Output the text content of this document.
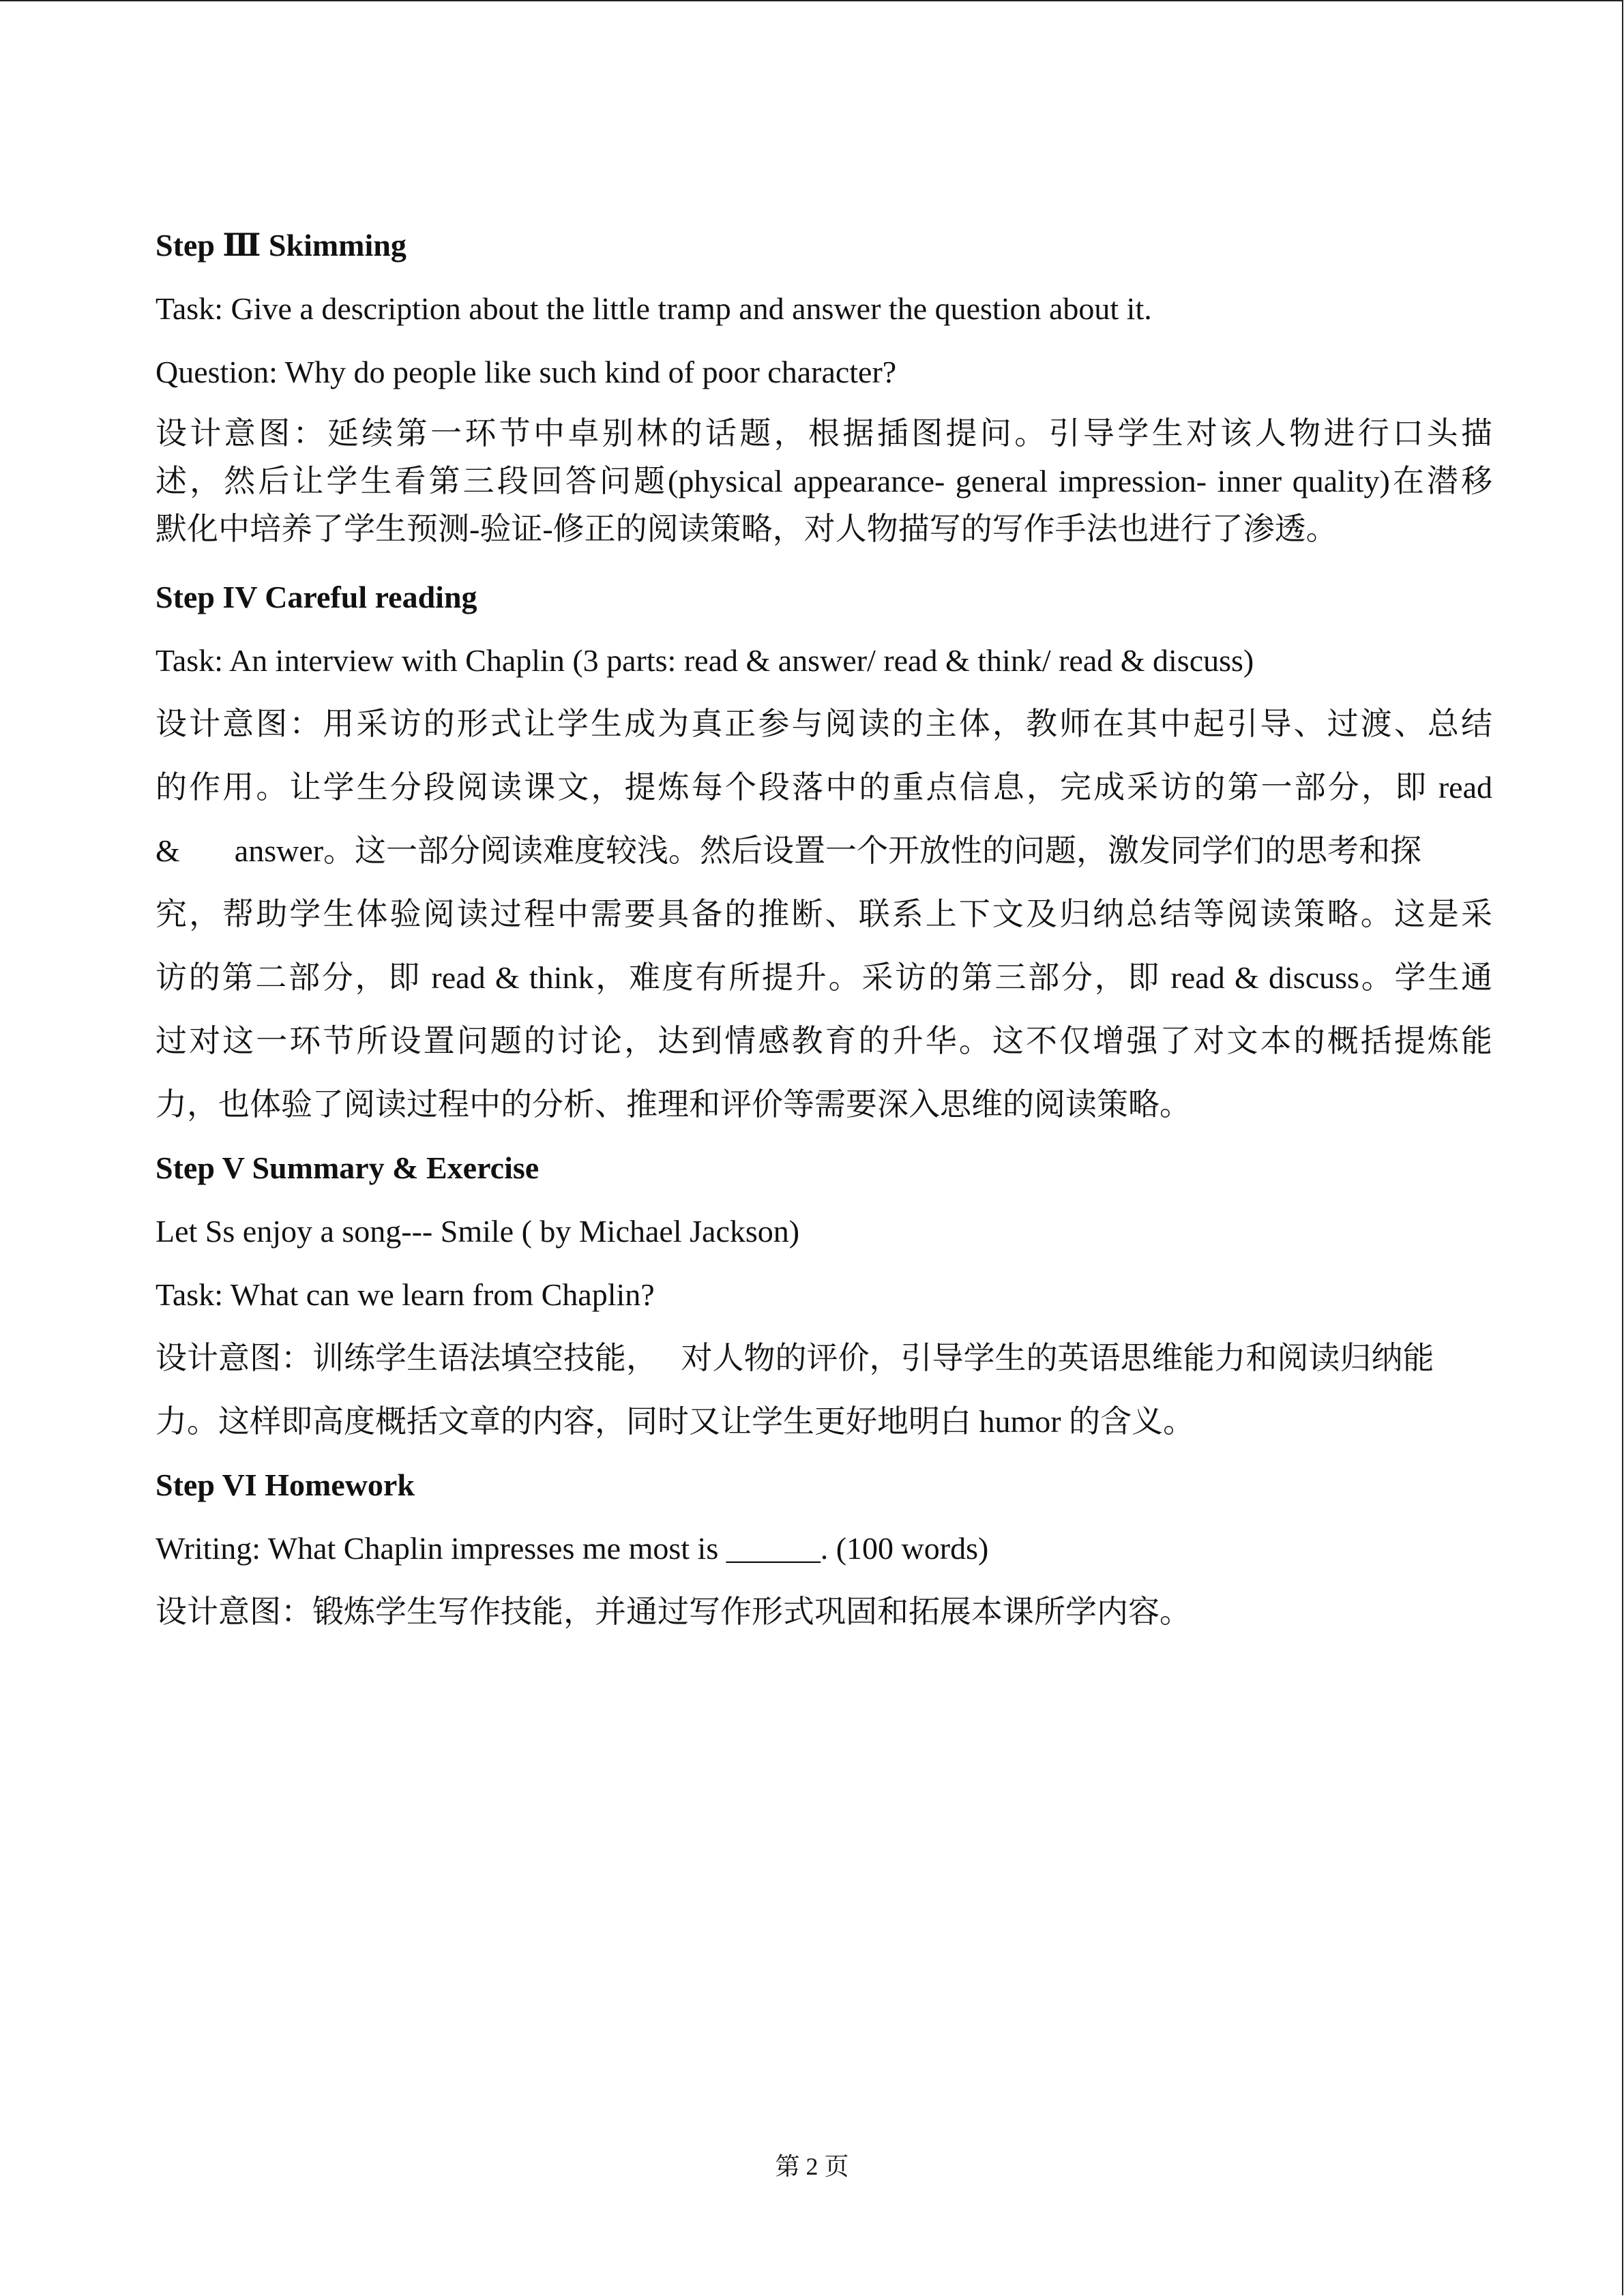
Step Ⅲ Skimming
Task: Give a description about the little tramp and answer the question about it.
Question: Why do people like such kind of poor character?
设计意图：延续第一环节中卓别林的话题，根据插图提问。引导学生对该人物进行口头描
述，然后让学生看第三段回答问题(physical appearance- general impression- inner quality)在潜移
默化中培养了学生预测-验证-修正的阅读策略，对人物描写的写作手法也进行了渗透。
Step IV Careful reading
Task: An interview with Chaplin (3 parts: read & answer/ read & think/ read & discuss)
设计意图：用采访的形式让学生成为真正参与阅读的主体，教师在其中起引导、过渡、总结
的作用。让学生分段阅读课文，提炼每个段落中的重点信息，完成采访的第一部分，即 read
& answer。这一部分阅读难度较浅。然后设置一个开放性的问题，激发同学们的思考和探
究，帮助学生体验阅读过程中需要具备的推断、联系上下文及归纳总结等阅读策略。这是采
访的第二部分，即 read & think，难度有所提升。采访的第三部分，即 read & discuss。学生通
过对这一环节所设置问题的讨论，达到情感教育的升华。这不仅增强了对文本的概括提炼能
力，也体验了阅读过程中的分析、推理和评价等需要深入思维的阅读策略。
Step V Summary & Exercise
Let Ss enjoy a song--- Smile ( by Michael Jackson)
Task: What can we learn from Chaplin?
设计意图：训练学生语法填空技能，   对人物的评价，引导学生的英语思维能力和阅读归纳能
力。这样即高度概括文章的内容，同时又让学生更好地明白 humor 的含义。
Step VI Homework
Writing: What Chaplin impresses me most is ______. (100 words)
设计意图：锻炼学生写作技能，并通过写作形式巩固和拓展本课所学内容。
第 2 页
